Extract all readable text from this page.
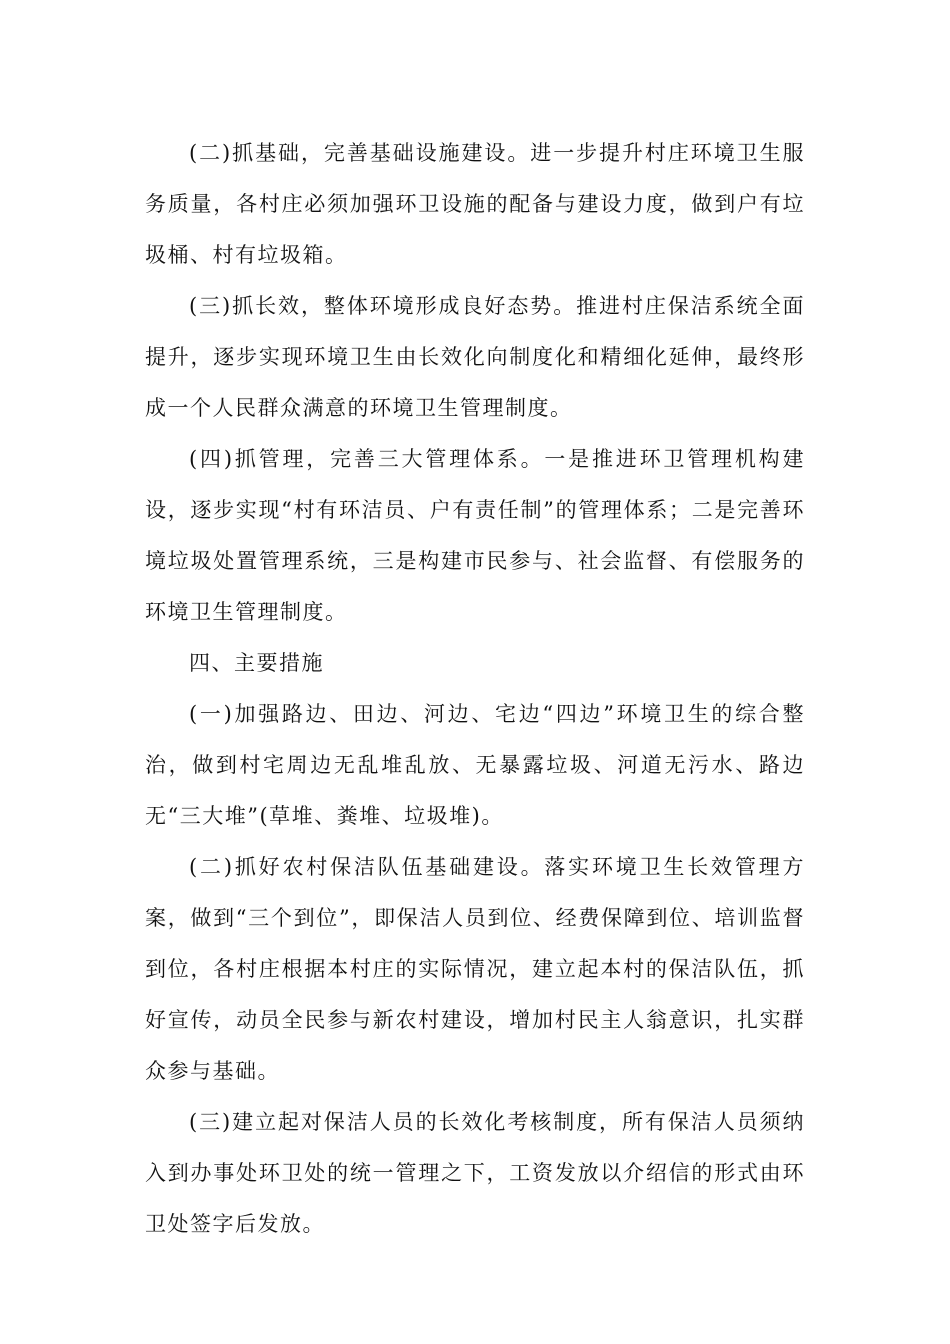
(二)抓基础，完善基础设施建设。进一步提升村庄环境卫生服务质量，各村庄必须加强环卫设施的配备与建设力度，做到户有垃圾桶、村有垃圾箱。

(三)抓长效，整体环境形成良好态势。推进村庄保洁系统全面提升，逐步实现环境卫生由长效化向制度化和精细化延伸，最终形成一个人民群众满意的环境卫生管理制度。

(四)抓管理，完善三大管理体系。一是推进环卫管理机构建设，逐步实现“村有环洁员、户有责任制”的管理体系；二是完善环境垃圾处置管理系统，三是构建市民参与、社会监督、有偿服务的环境卫生管理制度。

四、主要措施

(一)加强路边、田边、河边、宅边“四边”环境卫生的综合整治，做到村宅周边无乱堆乱放、无暴露垃圾、河道无污水、路边无“三大堆”(草堆、粪堆、垃圾堆)。

(二)抓好农村保洁队伍基础建设。落实环境卫生长效管理方案，做到“三个到位”，即保洁人员到位、经费保障到位、培训监督到位，各村庄根据本村庄的实际情况，建立起本村的保洁队伍，抓好宣传，动员全民参与新农村建设，增加村民主人翁意识，扎实群众参与基础。

(三)建立起对保洁人员的长效化考核制度，所有保洁人员须纳入到办事处环卫处的统一管理之下，工资发放以介绍信的形式由环卫处签字后发放。
